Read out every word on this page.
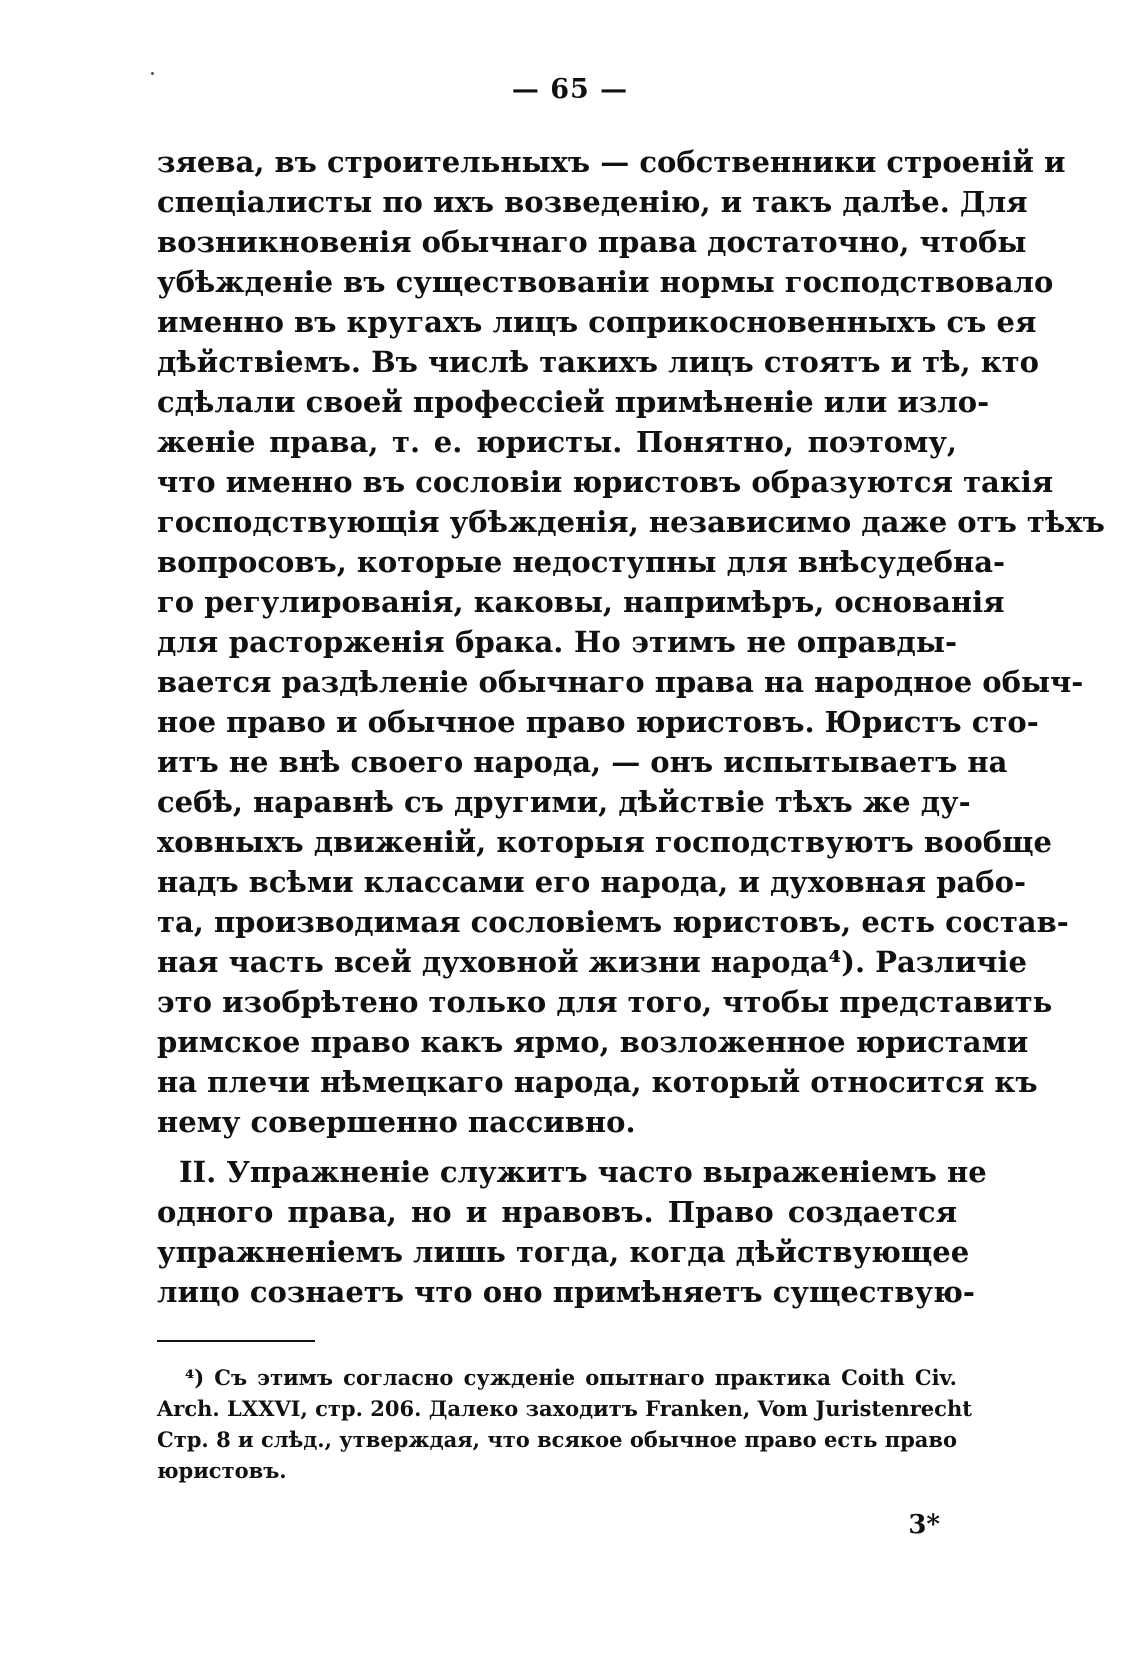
— 65 —
зяева, въ строительныхъ — собственники строеній и
спеціалисты по ихъ возведенію, и такъ далѣе. Для
возникновенія обычнаго права достаточно, чтобы
убѣжденіе въ существованіи нормы господствовало
именно въ кругахъ лицъ соприкосновенныхъ съ ея
дѣйствіемъ. Въ числѣ такихъ лицъ стоятъ и тѣ, кто
сдѣлали своей профессіей примѣненіе или изло-
женіе права, т. е. юристы. Понятно, поэтому,
что именно въ сословіи юристовъ образуются такія
господствующія убѣжденія, независимо даже отъ тѣхъ
вопросовъ, которые недоступны для внѣсудебна-
го регулированія, каковы, напримѣръ, основанія
для расторженія брака. Но этимъ не оправды-
вается раздѣленіе обычнаго права на народное обыч-
ное право и обычное право юристовъ. Юристъ сто-
итъ не внѣ своего народа, — онъ испытываетъ на
себѣ, наравнѣ съ другими, дѣйствіе тѣхъ же ду-
ховныхъ движеній, которыя господствуютъ вообще
надъ всѣми классами его народа, и духовная рабо-
та, производимая сословіемъ юристовъ, есть состав-
ная часть всей духовной жизни народа⁴). Различіе
это изобрѣтено только для того, чтобы представить
римское право какъ ярмо, возложенное юристами
на плечи нѣмецкаго народа, который относится къ
нему совершенно пассивно.
II. Упражненіе служитъ часто выраженіемъ не
одного права, но и нравовъ. Право создается
упражненіемъ лишь тогда, когда дѣйствующее
лицо сознаетъ что оно примѣняетъ существую-
⁴) Съ этимъ согласно сужденіе опытнаго практика Coith Civ.
Arch. LXXVI, стр. 206. Далеко заходитъ Franken, Vom Juristenrecht
Стр. 8 и слѣд., утверждая, что всякое обычное право есть право
юристовъ.
3*
